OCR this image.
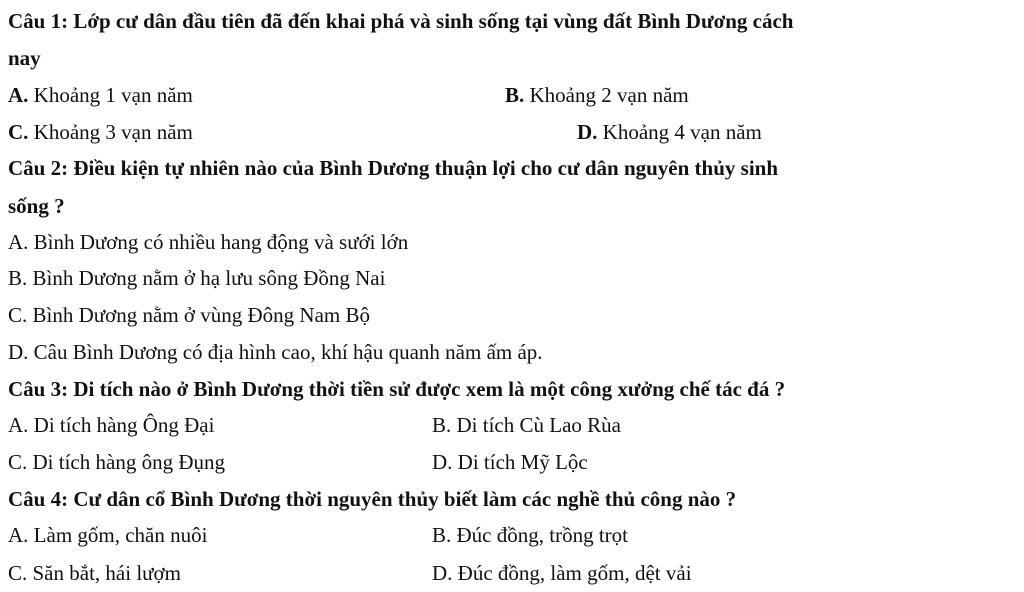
Câu 1: Lớp cư dân đầu tiên đã đến khai phá và sinh sống tại vùng đất Bình Dương cách
nay
A. Khoảng 1 vạn năm	B. Khoảng 2 vạn năm
C. Khoảng 3 vạn năm	D. Khoảng 4 vạn năm
Câu 2: Điều kiện tự nhiên nào của Bình Dương thuận lợi cho cư dân nguyên thủy sinh
sống ?
A. Bình Dương có nhiều hang động và sưới lớn
B. Bình Dương nằm ở hạ lưu sông Đồng Nai
C. Bình Dương nằm ở vùng Đông Nam Bộ
D. Câu Bình Dương có địa hình cao, khí hậu quanh năm ấm áp.
Câu 3: Di tích nào ở Bình Dương thời tiền sử được xem là một công xưởng chế tác đá ?
A. Di tích hàng Ông Đại	B. Di tích Cù Lao Rùa
C. Di tích hàng ông Đụng	D. Di tích Mỹ Lộc
Câu 4: Cư dân cổ Bình Dương thời nguyên thủy biết làm các nghề thủ công nào ?
A. Làm gốm, chăn nuôi	B. Đúc đồng, trồng trọt
C. Săn bắt, hái lượm	D. Đúc đồng, làm gốm, dệt vải
